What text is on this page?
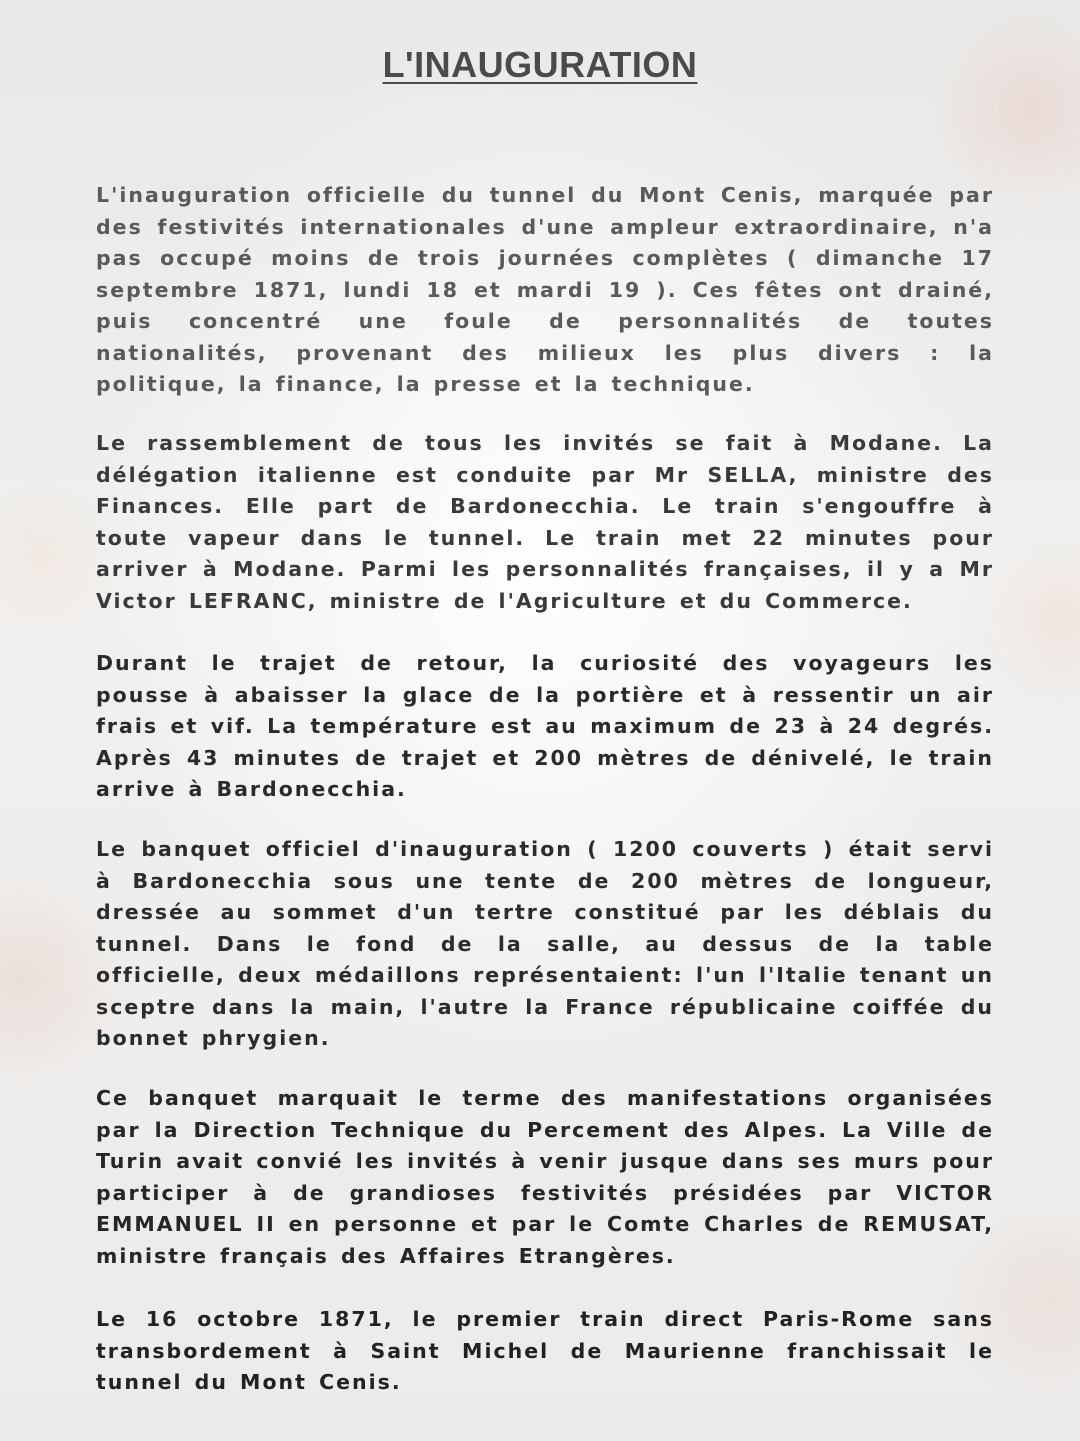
L'INAUGURATION

L'inauguration officielle du tunnel du Mont Cenis, marquée par des festivités internationales d'une ampleur extraordinaire, n'a pas occupé moins de trois journées complètes ( dimanche 17 septembre 1871, lundi 18 et mardi 19 ). Ces fêtes ont drainé, puis concentré une foule de personnalités de toutes nationalités, provenant des milieux les plus divers : la politique, la finance, la presse et la technique.

Le rassemblement de tous les invités se fait à Modane. La délégation italienne est conduite par Mr SELLA, ministre des Finances. Elle part de Bardonecchia. Le train s'engouffre à toute vapeur dans le tunnel. Le train met 22 minutes pour arriver à Modane. Parmi les personnalités françaises, il y a Mr Victor LEFRANC, ministre de l'Agriculture et du Commerce.

Durant le trajet de retour, la curiosité des voyageurs les pousse à abaisser la glace de la portière et à ressentir un air frais et vif. La température est au maximum de 23 à 24 degrés. Après 43 minutes de trajet et 200 mètres de dénivelé, le train arrive à Bardonecchia.

Le banquet officiel d'inauguration ( 1200 couverts ) était servi à Bardonecchia sous une tente de 200 mètres de longueur, dressée au sommet d'un tertre constitué par les déblais du tunnel. Dans le fond de la salle, au dessus de la table officielle, deux médaillons représentaient: l'un l'Italie tenant un sceptre dans la main, l'autre la France républicaine coiffée du bonnet phrygien.

Ce banquet marquait le terme des manifestations organisées par la Direction Technique du Percement des Alpes. La Ville de Turin avait convié les invités à venir jusque dans ses murs pour participer à de grandioses festivités présidées par VICTOR EMMANUEL II en personne et par le Comte Charles de REMUSAT, ministre français des Affaires Etrangères.

Le 16 octobre 1871, le premier train direct Paris-Rome sans transbordement à Saint Michel de Maurienne franchissait le tunnel du Mont Cenis.
